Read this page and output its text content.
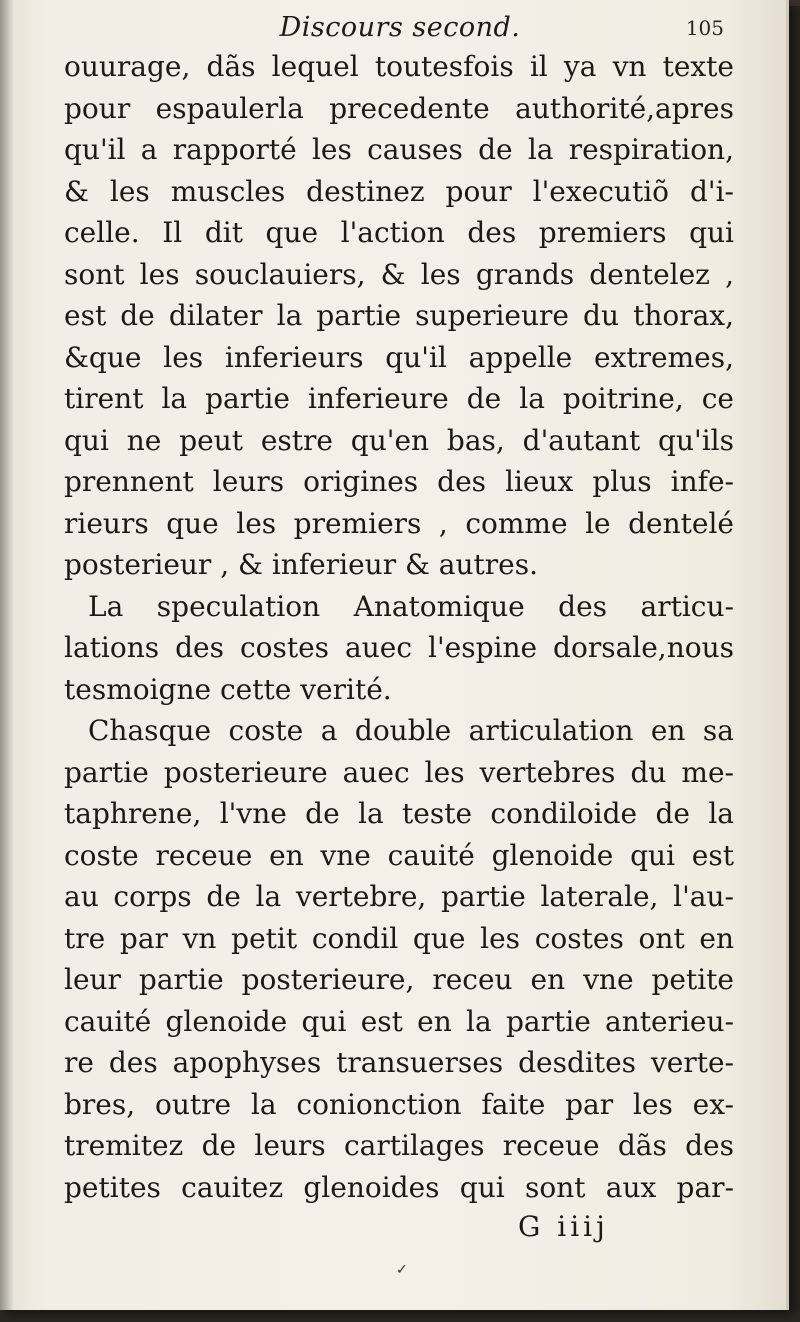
Discours second.	105
ouurage, dãs lequel toutesfois il ya vn texte
pour espaulerla precedente authorité,apres
qu'il a rapporté les causes de la respiration,
& les muscles destinez pour l'executiõ d'i-
celle. Il dit que l'action des premiers qui
sont les souclauiers, & les grands dentelez ,
est de dilater la partie superieure du thorax,
&que les inferieurs qu'il appelle extremes,
tirent la partie inferieure de la poitrine, ce
qui ne peut estre qu'en bas, d'autant qu'ils
prennent leurs origines des lieux plus infe-
rieurs que les premiers , comme le dentelé
posterieur , & inferieur & autres.
La speculation Anatomique des articu-
lations des costes auec l'espine dorsale,nous
tesmoigne cette verité.
Chasque coste a double articulation en sa
partie posterieure auec les vertebres du me-
taphrene, l'vne de la teste condiloide de la
coste receue en vne cauité glenoide qui est
au corps de la vertebre, partie laterale, l'au-
tre par vn petit condil que les costes ont en
leur partie posterieure, receu en vne petite
cauité glenoide qui est en la partie anterieu-
re des apophyses transuerses desdites verte-
bres, outre la conionction faite par les ex-
tremitez de leurs cartilages receue dãs des
petites cauitez glenoides qui sont aux par-
G iiij
✓
